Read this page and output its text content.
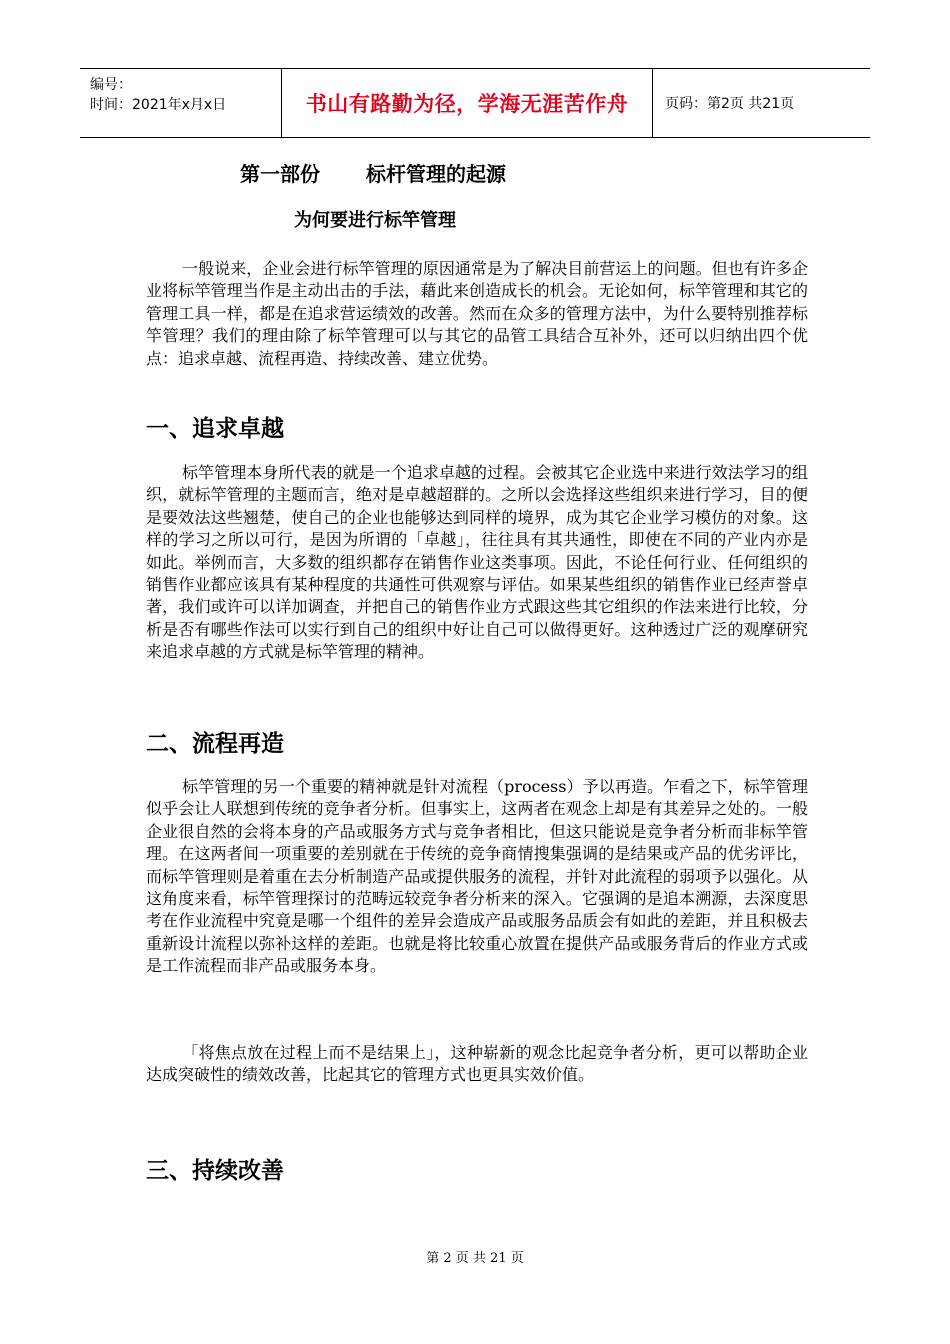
编号：
时间：2021年x月x日	书山有路勤为径，学海无涯苦作舟	页码：第2页 共21页
第一部份 标杆管理的起源
为何要进行标竿管理
一般说来，企业会进行标竿管理的原因通常是为了解决目前营运上的问题。但也有许多企业将标竿管理当作是主动出击的手法，藉此来创造成长的机会。无论如何，标竿管理和其它的管理工具一样，都是在追求营运绩效的改善。然而在众多的管理方法中，为什么要特别推荐标竿管理？我们的理由除了标竿管理可以与其它的品管工具结合互补外，还可以归纳出四个优点：追求卓越、流程再造、持续改善、建立优势。
一、追求卓越
标竿管理本身所代表的就是一个追求卓越的过程。会被其它企业选中来进行效法学习的组织，就标竿管理的主题而言，绝对是卓越超群的。之所以会选择这些组织来进行学习，目的便是要效法这些翘楚，使自己的企业也能够达到同样的境界，成为其它企业学习模仿的对象。这样的学习之所以可行，是因为所谓的「卓越」，往往具有其共通性，即使在不同的产业内亦是如此。举例而言，大多数的组织都存在销售作业这类事项。因此，不论任何行业、任何组织的销售作业都应该具有某种程度的共通性可供观察与评估。如果某些组织的销售作业已经声誉卓著，我们或许可以详加调查，并把自己的销售作业方式跟这些其它组织的作法来进行比较，分析是否有哪些作法可以实行到自己的组织中好让自己可以做得更好。这种透过广泛的观摩研究来追求卓越的方式就是标竿管理的精神。
二、流程再造
标竿管理的另一个重要的精神就是针对流程（process）予以再造。乍看之下，标竿管理似乎会让人联想到传统的竞争者分析。但事实上，这两者在观念上却是有其差异之处的。一般企业很自然的会将本身的产品或服务方式与竞争者相比，但这只能说是竞争者分析而非标竿管理。在这两者间一项重要的差别就在于传统的竞争商情搜集强调的是结果或产品的优劣评比，而标竿管理则是着重在去分析制造产品或提供服务的流程，并针对此流程的弱项予以强化。从这角度来看，标竿管理探讨的范畴远较竞争者分析来的深入。它强调的是追本溯源，去深度思考在作业流程中究竟是哪一个组件的差异会造成产品或服务品质会有如此的差距，并且积极去重新设计流程以弥补这样的差距。也就是将比较重心放置在提供产品或服务背后的作业方式或是工作流程而非产品或服务本身。
「将焦点放在过程上而不是结果上」，这种崭新的观念比起竞争者分析，更可以帮助企业达成突破性的绩效改善，比起其它的管理方式也更具实效价值。
三、持续改善
第 2 页 共 21 页
